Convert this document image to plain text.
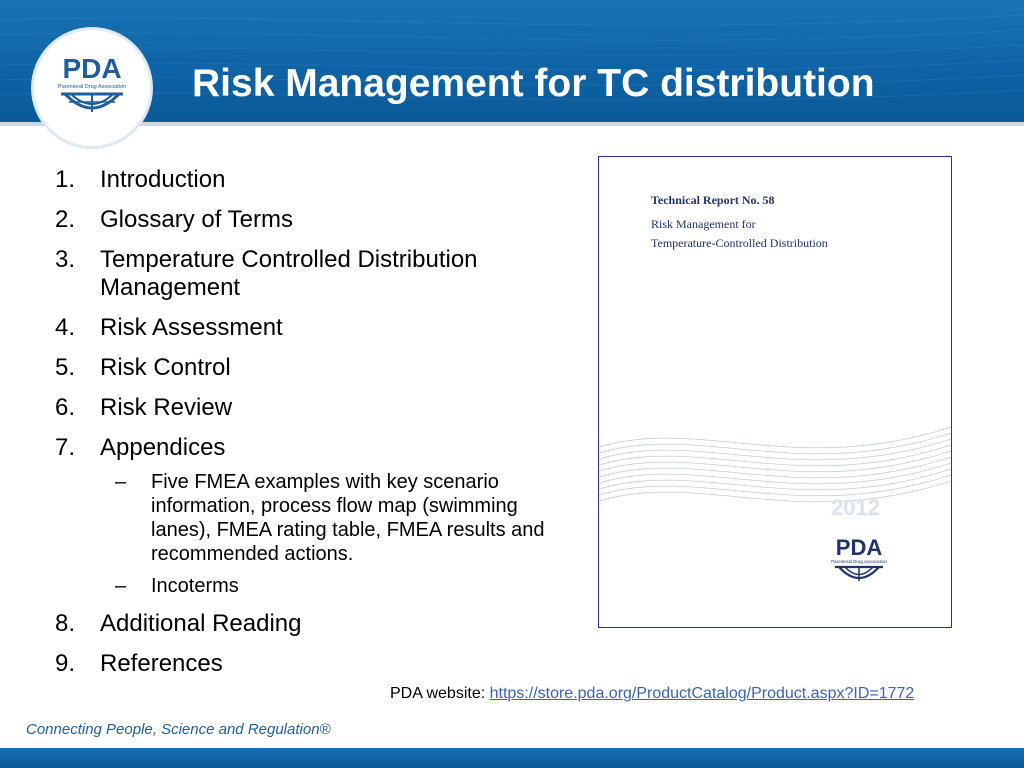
Risk Management for TC distribution
PDA
Parenteral Drug Association
1.	Introduction
2.	Glossary of Terms
3.	Temperature Controlled Distribution Management
4.	Risk Assessment
5.	Risk Control
6.	Risk Review
7.	Appendices
– Five FMEA examples with key scenario information, process flow map (swimming lanes), FMEA rating table, FMEA results and recommended actions.
– Incoterms
8.	Additional Reading
9.	References
Technical Report No. 58
Risk Management for
Temperature-Controlled Distribution
2012
PDA
Parenteral Drug Association
PDA website: https://store.pda.org/ProductCatalog/Product.aspx?ID=1772
Connecting People, Science and Regulation®
